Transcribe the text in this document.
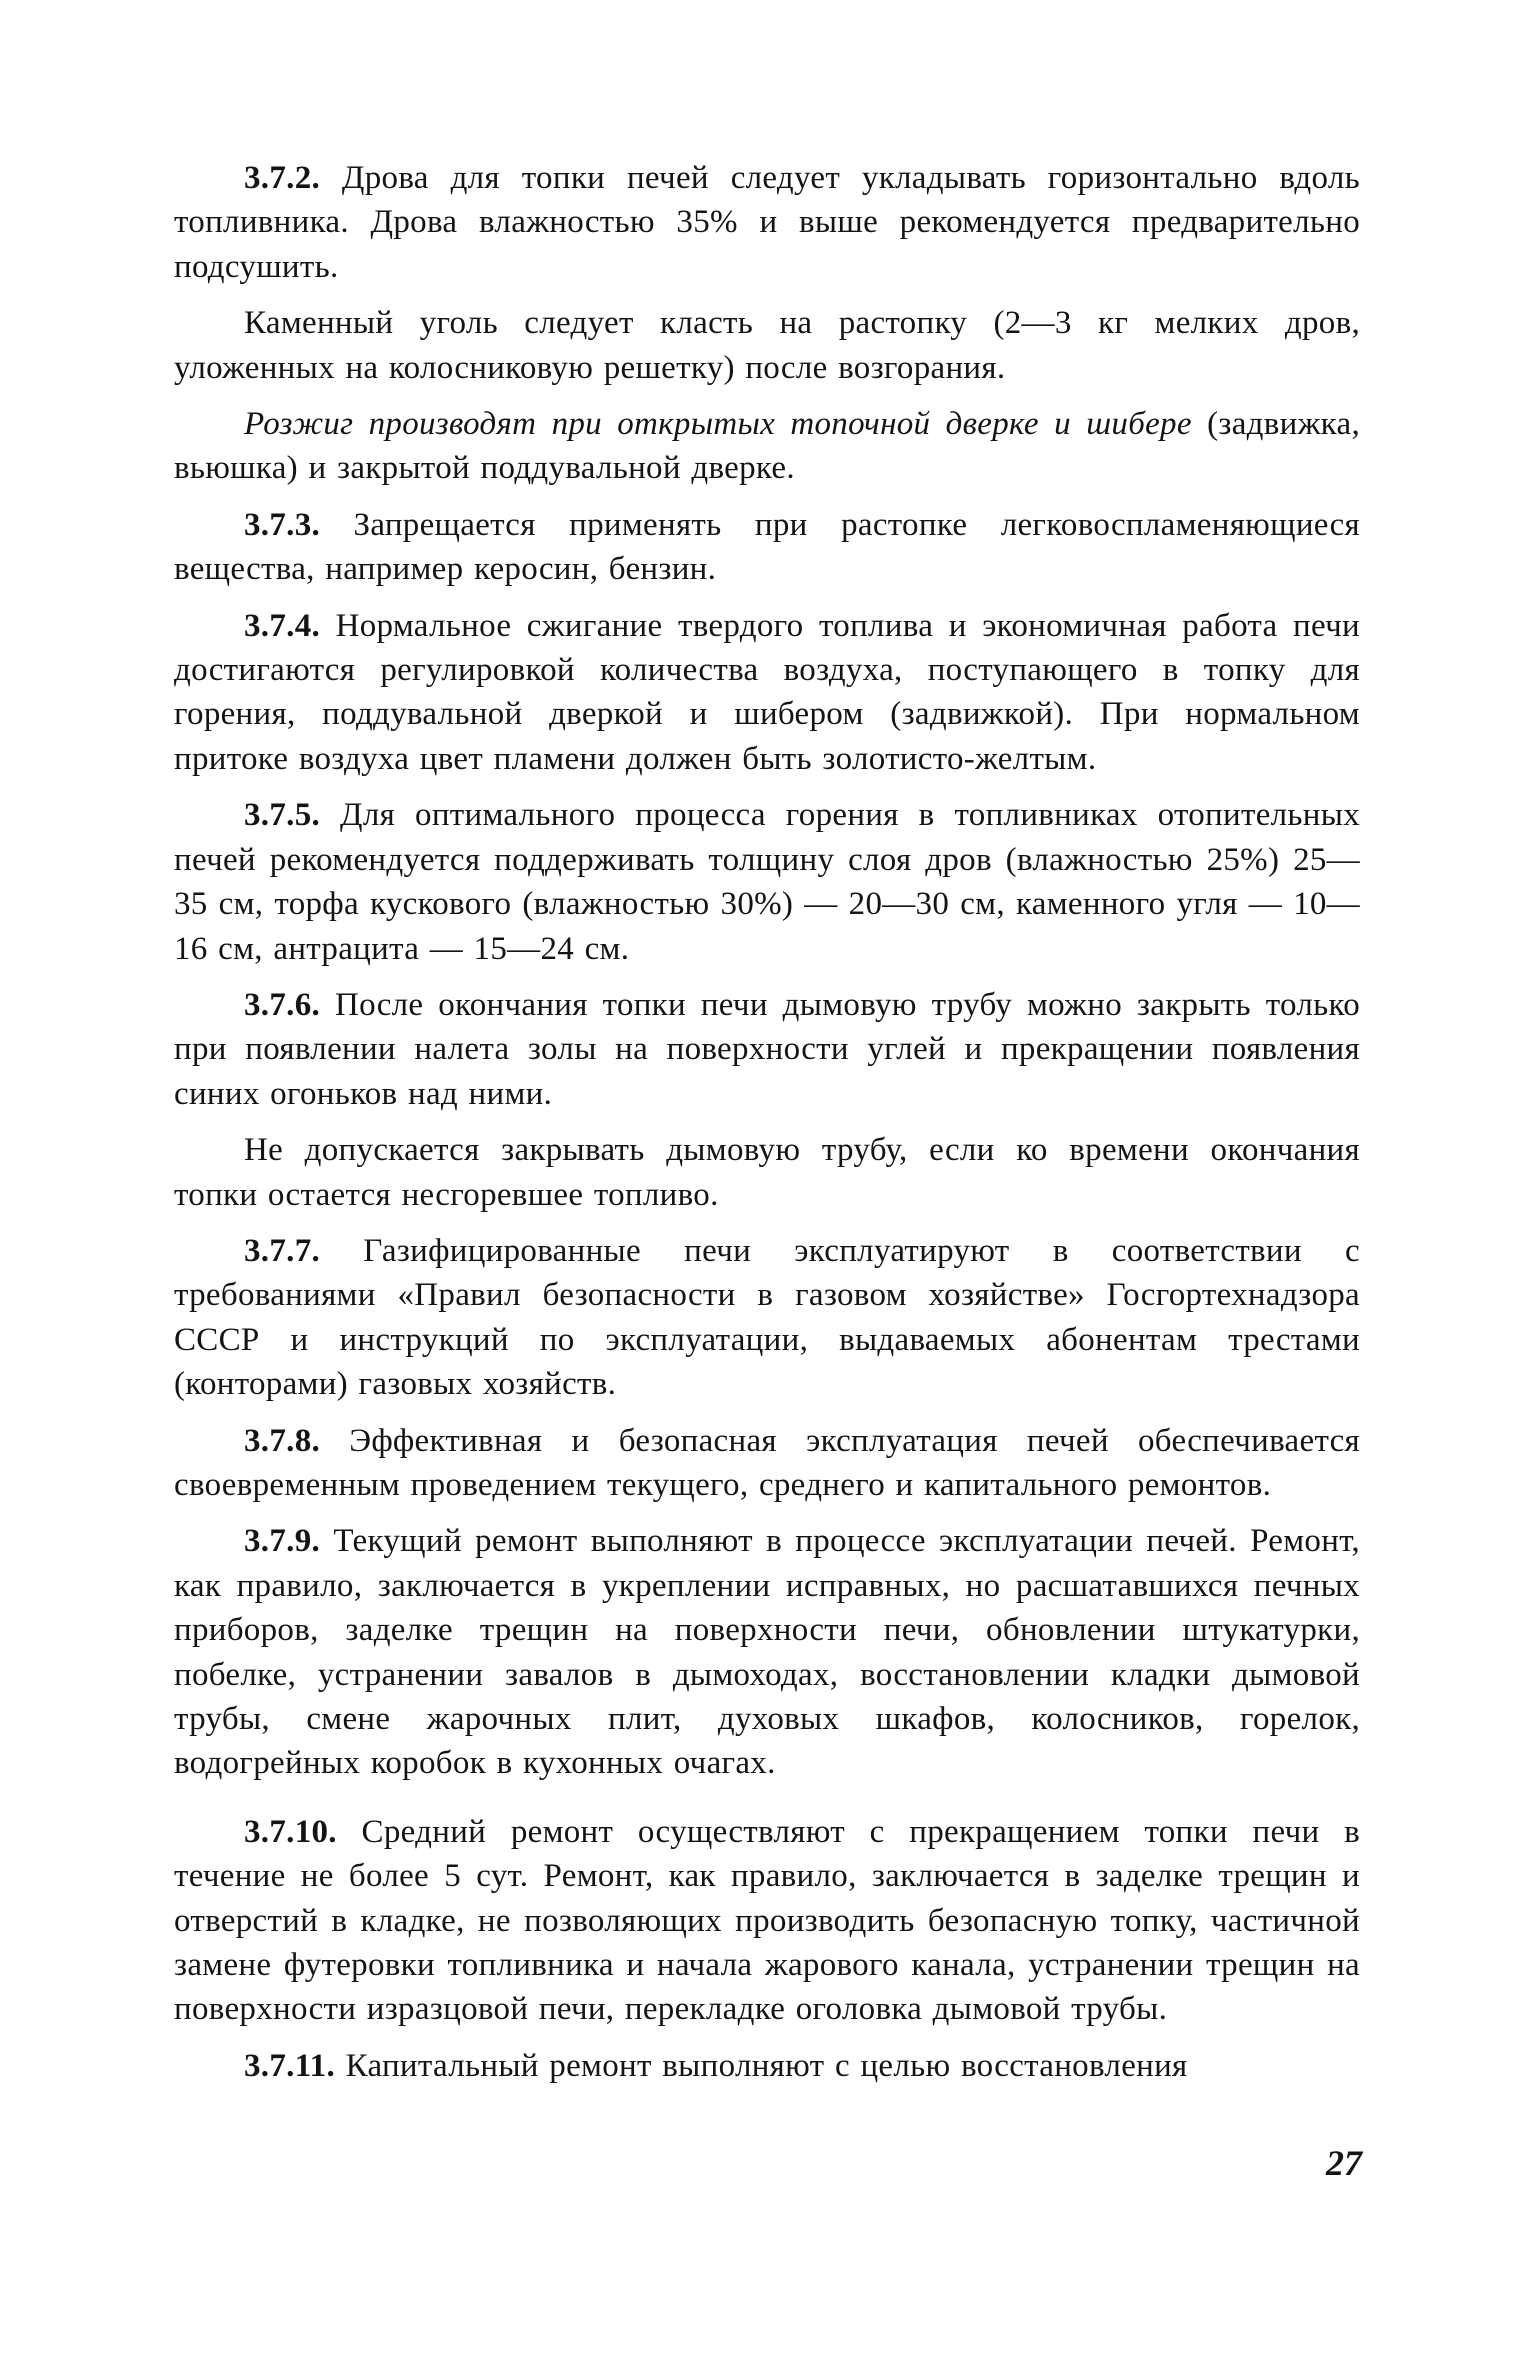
3.7.2. Дрова для топки печей следует укладывать горизонтально вдоль топливника. Дрова влажностью 35% и выше рекомендуется предварительно подсушить.

Каменный уголь следует класть на растопку (2—3 кг мелких дров, уложенных на колосниковую решетку) после возгорания.

Розжиг производят при открытых топочной дверке и шибере (задвижка, вьюшка) и закрытой поддувальной дверке.

3.7.3. Запрещается применять при растопке легковоспламеняющиеся вещества, например керосин, бензин.

3.7.4. Нормальное сжигание твердого топлива и экономичная работа печи достигаются регулировкой количества воздуха, поступающего в топку для горения, поддувальной дверкой и шибером (задвижкой). При нормальном притоке воздуха цвет пламени должен быть золотисто-желтым.

3.7.5. Для оптимального процесса горения в топливниках отопительных печей рекомендуется поддерживать толщину слоя дров (влажностью 25%) 25—35 см, торфа кускового (влажностью 30%) — 20—30 см, каменного угля — 10—16 см, антрацита — 15—24 см.

3.7.6. После окончания топки печи дымовую трубу можно закрыть только при появлении налета золы на поверхности углей и прекращении появления синих огоньков над ними.

Не допускается закрывать дымовую трубу, если ко времени окончания топки остается несгоревшее топливо.

3.7.7. Газифицированные печи эксплуатируют в соответствии с требованиями «Правил безопасности в газовом хозяйстве» Госгортехнадзора СССР и инструкций по эксплуатации, выдаваемых абонентам трестами (конторами) газовых хозяйств.

3.7.8. Эффективная и безопасная эксплуатация печей обеспечивается своевременным проведением текущего, среднего и капитального ремонтов.

3.7.9. Текущий ремонт выполняют в процессе эксплуатации печей. Ремонт, как правило, заключается в укреплении исправных, но расшатавшихся печных приборов, заделке трещин на поверхности печи, обновлении штукатурки, побелке, устранении завалов в дымоходах, восстановлении кладки дымовой трубы, смене жарочных плит, духовых шкафов, колосников, горелок, водогрейных коробок в кухонных очагах.

3.7.10. Средний ремонт осуществляют с прекращением топки печи в течение не более 5 сут. Ремонт, как правило, заключается в заделке трещин и отверстий в кладке, не позволяющих производить безопасную топку, частичной замене футеровки топливника и начала жарового канала, устранении трещин на поверхности изразцовой печи, перекладке оголовка дымовой трубы.

3.7.11. Капитальный ремонт выполняют с целью восстановления

27
